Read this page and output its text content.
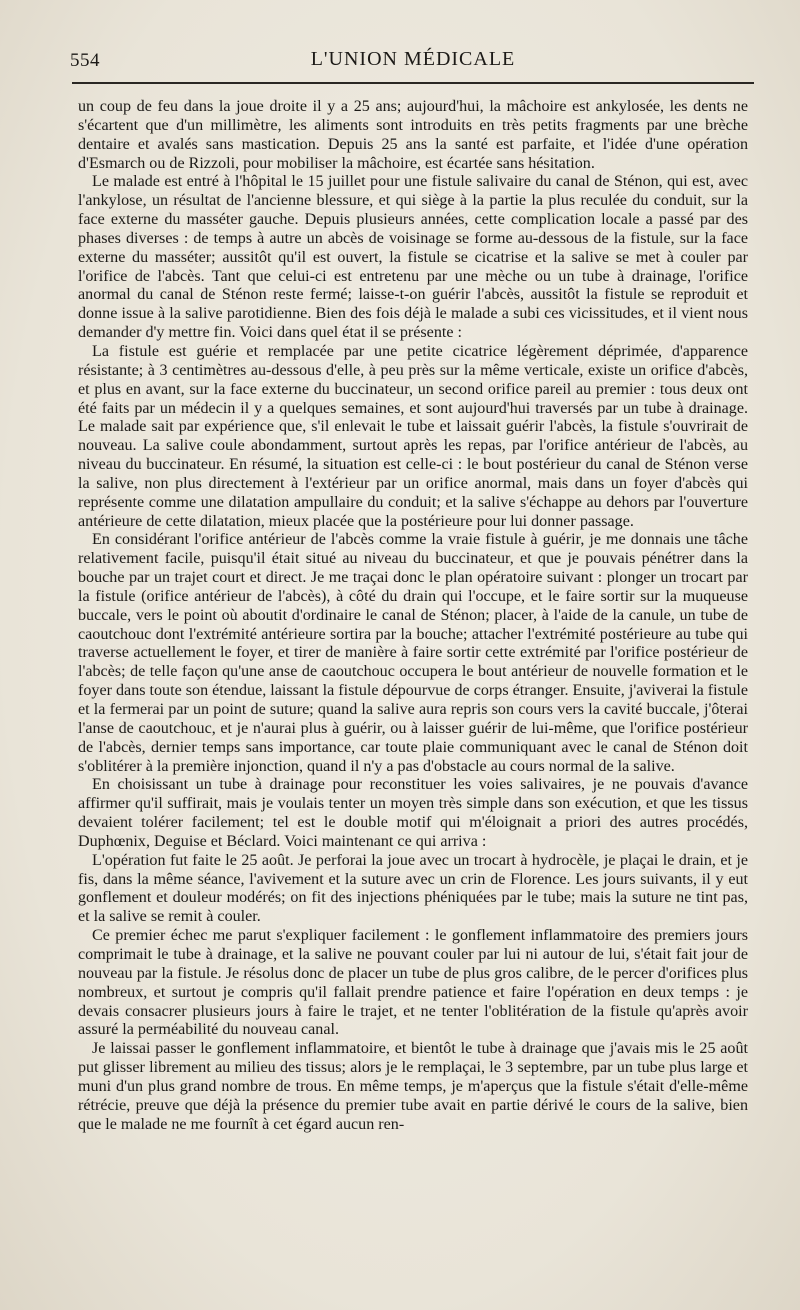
554	L'UNION MÉDICALE

un coup de feu dans la joue droite il y a 25 ans; aujourd'hui, la mâchoire est ankylosée, les dents ne s'écartent que d'un millimètre, les aliments sont introduits en très petits fragments par une brèche dentaire et avalés sans mastication. Depuis 25 ans la santé est parfaite, et l'idée d'une opération d'Esmarch ou de Rizzoli, pour mobiliser la mâchoire, est écartée sans hésitation.

Le malade est entré à l'hôpital le 15 juillet pour une fistule salivaire du canal de Sténon, qui est, avec l'ankylose, un résultat de l'ancienne blessure, et qui siège à la partie la plus reculée du conduit, sur la face externe du masséter gauche. Depuis plusieurs années, cette complication locale a passé par des phases diverses : de temps à autre un abcès de voisinage se forme au-dessous de la fistule, sur la face externe du masséter; aussitôt qu'il est ouvert, la fistule se cicatrise et la salive se met à couler par l'orifice de l'abcès. Tant que celui-ci est entretenu par une mèche ou un tube à drainage, l'orifice anormal du canal de Sténon reste fermé; laisse-t-on guérir l'abcès, aussitôt la fistule se reproduit et donne issue à la salive parotidienne. Bien des fois déjà le malade a subi ces vicissitudes, et il vient nous demander d'y mettre fin. Voici dans quel état il se présente :

La fistule est guérie et remplacée par une petite cicatrice légèrement déprimée, d'apparence résistante; à 3 centimètres au-dessous d'elle, à peu près sur la même verticale, existe un orifice d'abcès, et plus en avant, sur la face externe du buccinateur, un second orifice pareil au premier : tous deux ont été faits par un médecin il y a quelques semaines, et sont aujourd'hui traversés par un tube à drainage. Le malade sait par expérience que, s'il enlevait le tube et laissait guérir l'abcès, la fistule s'ouvrirait de nouveau. La salive coule abondamment, surtout après les repas, par l'orifice antérieur de l'abcès, au niveau du buccinateur. En résumé, la situation est celle-ci : le bout postérieur du canal de Sténon verse la salive, non plus directement à l'extérieur par un orifice anormal, mais dans un foyer d'abcès qui représente comme une dilatation ampullaire du conduit; et la salive s'échappe au dehors par l'ouverture antérieure de cette dilatation, mieux placée que la postérieure pour lui donner passage.

En considérant l'orifice antérieur de l'abcès comme la vraie fistule à guérir, je me donnais une tâche relativement facile, puisqu'il était situé au niveau du buccinateur, et que je pouvais pénétrer dans la bouche par un trajet court et direct. Je me traçai donc le plan opératoire suivant : plonger un trocart par la fistule (orifice antérieur de l'abcès), à côté du drain qui l'occupe, et le faire sortir sur la muqueuse buccale, vers le point où aboutit d'ordinaire le canal de Sténon; placer, à l'aide de la canule, un tube de caoutchouc dont l'extrémité antérieure sortira par la bouche; attacher l'extrémité postérieure au tube qui traverse actuellement le foyer, et tirer de manière à faire sortir cette extrémité par l'orifice postérieur de l'abcès; de telle façon qu'une anse de caoutchouc occupera le bout antérieur de nouvelle formation et le foyer dans toute son étendue, laissant la fistule dépourvue de corps étranger. Ensuite, j'aviverai la fistule et la fermerai par un point de suture; quand la salive aura repris son cours vers la cavité buccale, j'ôterai l'anse de caoutchouc, et je n'aurai plus à guérir, ou à laisser guérir de lui-même, que l'orifice postérieur de l'abcès, dernier temps sans importance, car toute plaie communiquant avec le canal de Sténon doit s'oblitérer à la première injonction, quand il n'y a pas d'obstacle au cours normal de la salive.

En choisissant un tube à drainage pour reconstituer les voies salivaires, je ne pouvais d'avance affirmer qu'il suffirait, mais je voulais tenter un moyen très simple dans son exécution, et que les tissus devaient tolérer facilement; tel est le double motif qui m'éloignait a priori des autres procédés, Duphœnix, Deguise et Béclard. Voici maintenant ce qui arriva :

L'opération fut faite le 25 août. Je perforai la joue avec un trocart à hydrocèle, je plaçai le drain, et je fis, dans la même séance, l'avivement et la suture avec un crin de Florence. Les jours suivants, il y eut gonflement et douleur modérés; on fit des injections phéniquées par le tube; mais la suture ne tint pas, et la salive se remit à couler.

Ce premier échec me parut s'expliquer facilement : le gonflement inflammatoire des premiers jours comprimait le tube à drainage, et la salive ne pouvant couler par lui ni autour de lui, s'était fait jour de nouveau par la fistule. Je résolus donc de placer un tube de plus gros calibre, de le percer d'orifices plus nombreux, et surtout je compris qu'il fallait prendre patience et faire l'opération en deux temps : je devais consacrer plusieurs jours à faire le trajet, et ne tenter l'oblitération de la fistule qu'après avoir assuré la perméabilité du nouveau canal.

Je laissai passer le gonflement inflammatoire, et bientôt le tube à drainage que j'avais mis le 25 août put glisser librement au milieu des tissus; alors je le remplaçai, le 3 septembre, par un tube plus large et muni d'un plus grand nombre de trous. En même temps, je m'aperçus que la fistule s'était d'elle-même rétrécie, preuve que déjà la présence du premier tube avait en partie dérivé le cours de la salive, bien que le malade ne me fournît à cet égard aucun ren-
